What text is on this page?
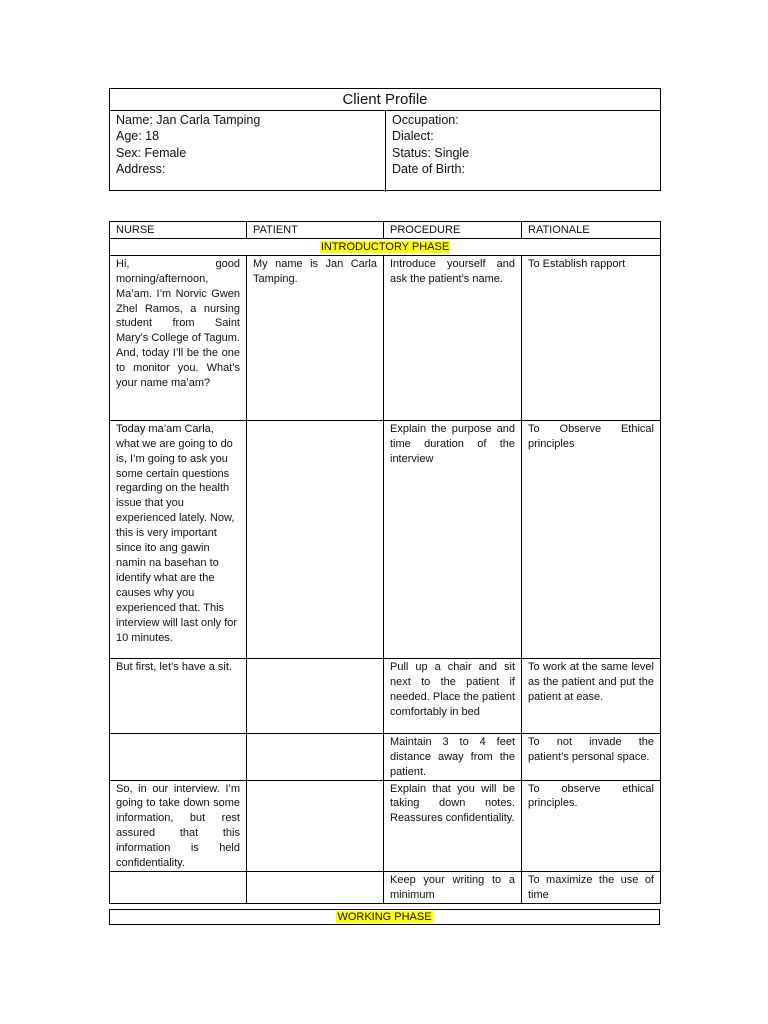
Client Profile
Name: Jan Carla Tamping
Age: 18
Sex: Female
Address:
Occupation:
Dialect:
Status: Single
Date of Birth:
NURSE	PATIENT	PROCEDURE	RATIONALE
INTRODUCTORY PHASE			
Hi, good morning/afternoon, Ma’am. I’m Norvic Gwen Zhel Ramos, a nursing student from Saint Mary’s College of Tagum. And, today I’ll be the one to monitor you. What’s your name ma’am?	My name is Jan Carla Tamping.	Introduce yourself and ask the patient’s name.	To Establish rapport
Today ma’am Carla, what we are going to do is, I’m going to ask you some certain questions regarding on the health issue that you experienced lately. Now, this is very important since ito ang gawin namin na basehan to identify what are the causes why you experienced that. This interview will last only for 10 minutes.		Explain the purpose and time duration of the interview	To Observe Ethical principles
But first, let’s have a sit.		Pull up a chair and sit next to the patient if needed. Place the patient comfortably in bed	To work at the same level as the patient and put the patient at ease.
		Maintain 3 to 4 feet distance away from the patient.	To not invade the patient’s personal space.
So, in our interview. I’m going to take down some information, but rest assured that this information is held confidentiality.		Explain that you will be taking down notes. Reassures confidentiality.	To observe ethical principles.
		Keep your writing to a minimum	To maximize the use of time
WORKING PHASE
